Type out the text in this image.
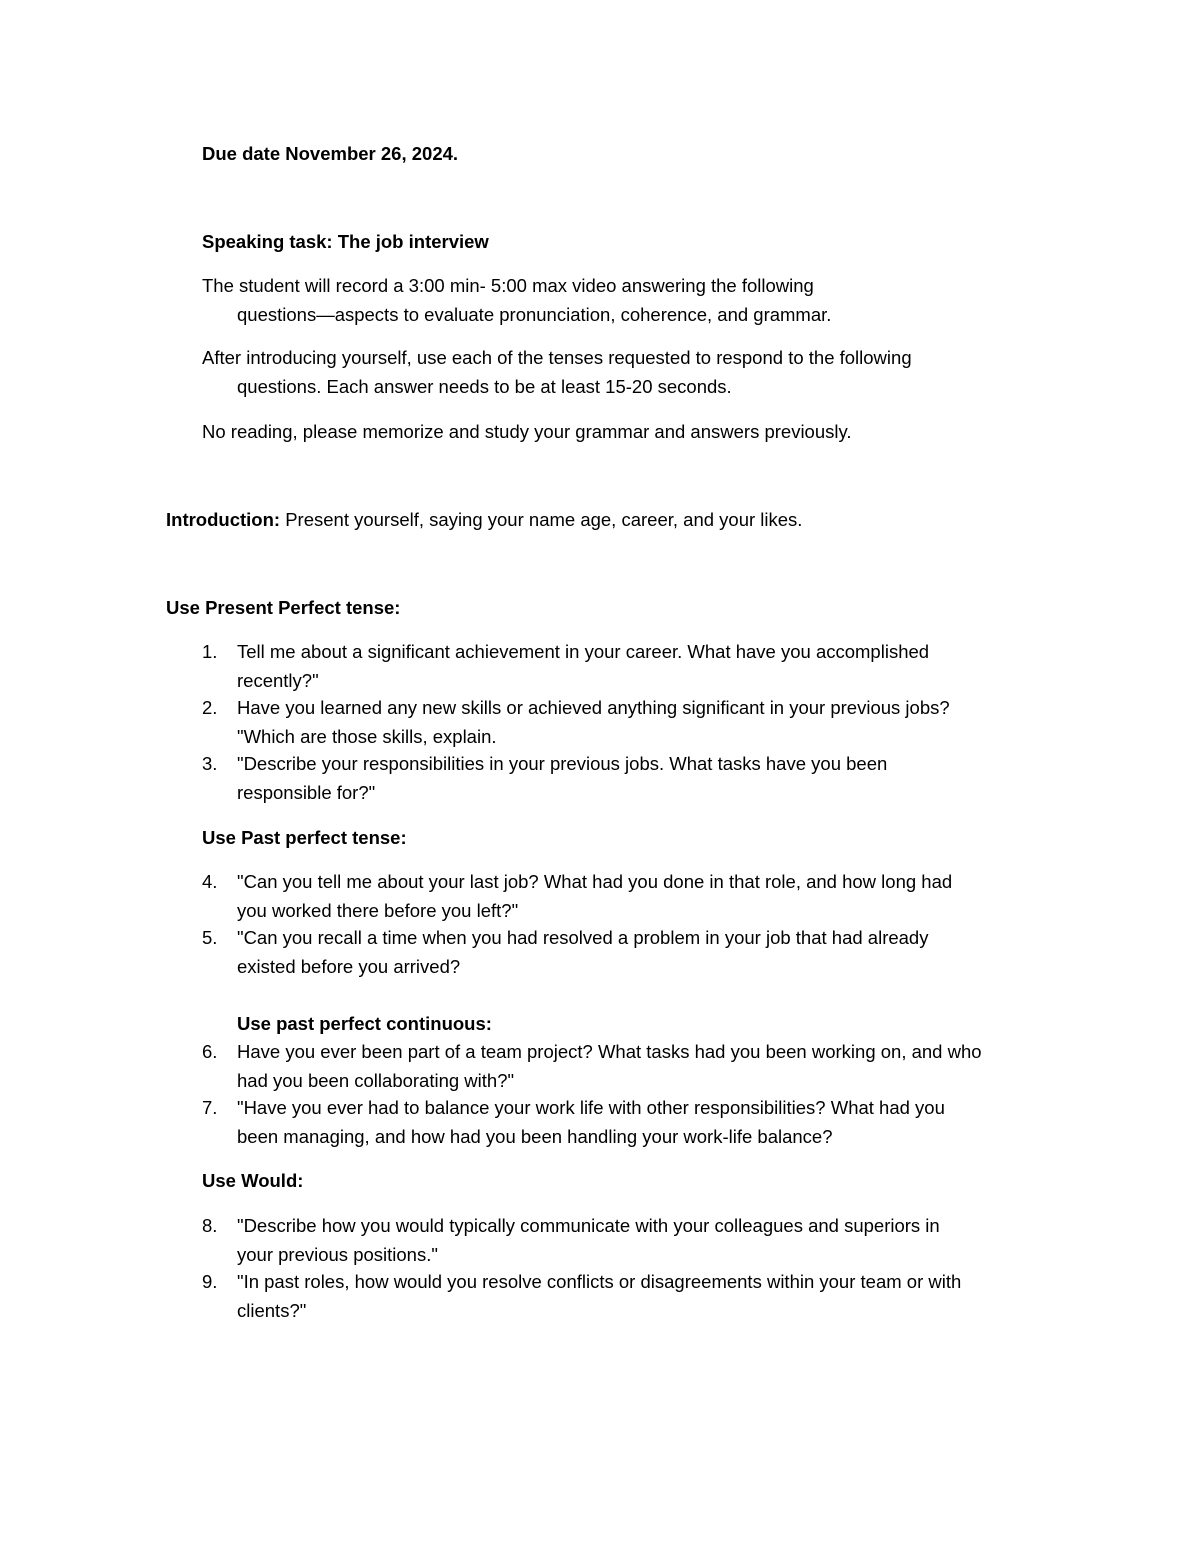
Due date November 26, 2024.
Speaking task: The job interview
The student will record a 3:00 min- 5:00 max video answering the following
questions—aspects to evaluate pronunciation, coherence, and grammar.
After introducing yourself, use each of the tenses requested to respond to the following
questions. Each answer needs to be at least 15-20 seconds.
No reading, please memorize and study your grammar and answers previously.
Introduction: Present yourself, saying your name age, career, and your likes.
Use Present Perfect tense:
1. Tell me about a significant achievement in your career. What have you accomplished
recently?"
2. Have you learned any new skills or achieved anything significant in your previous jobs?
"Which are those skills, explain.
3. "Describe your responsibilities in your previous jobs. What tasks have you been
responsible for?"
Use Past perfect tense:
4. "Can you tell me about your last job? What had you done in that role, and how long had
you worked there before you left?"
5. "Can you recall a time when you had resolved a problem in your job that had already
existed before you arrived?
Use past perfect continuous:
6. Have you ever been part of a team project? What tasks had you been working on, and who
had you been collaborating with?"
7. "Have you ever had to balance your work life with other responsibilities? What had you
been managing, and how had you been handling your work-life balance?
Use Would:
8. "Describe how you would typically communicate with your colleagues and superiors in
your previous positions."
9. "In past roles, how would you resolve conflicts or disagreements within your team or with
clients?"
